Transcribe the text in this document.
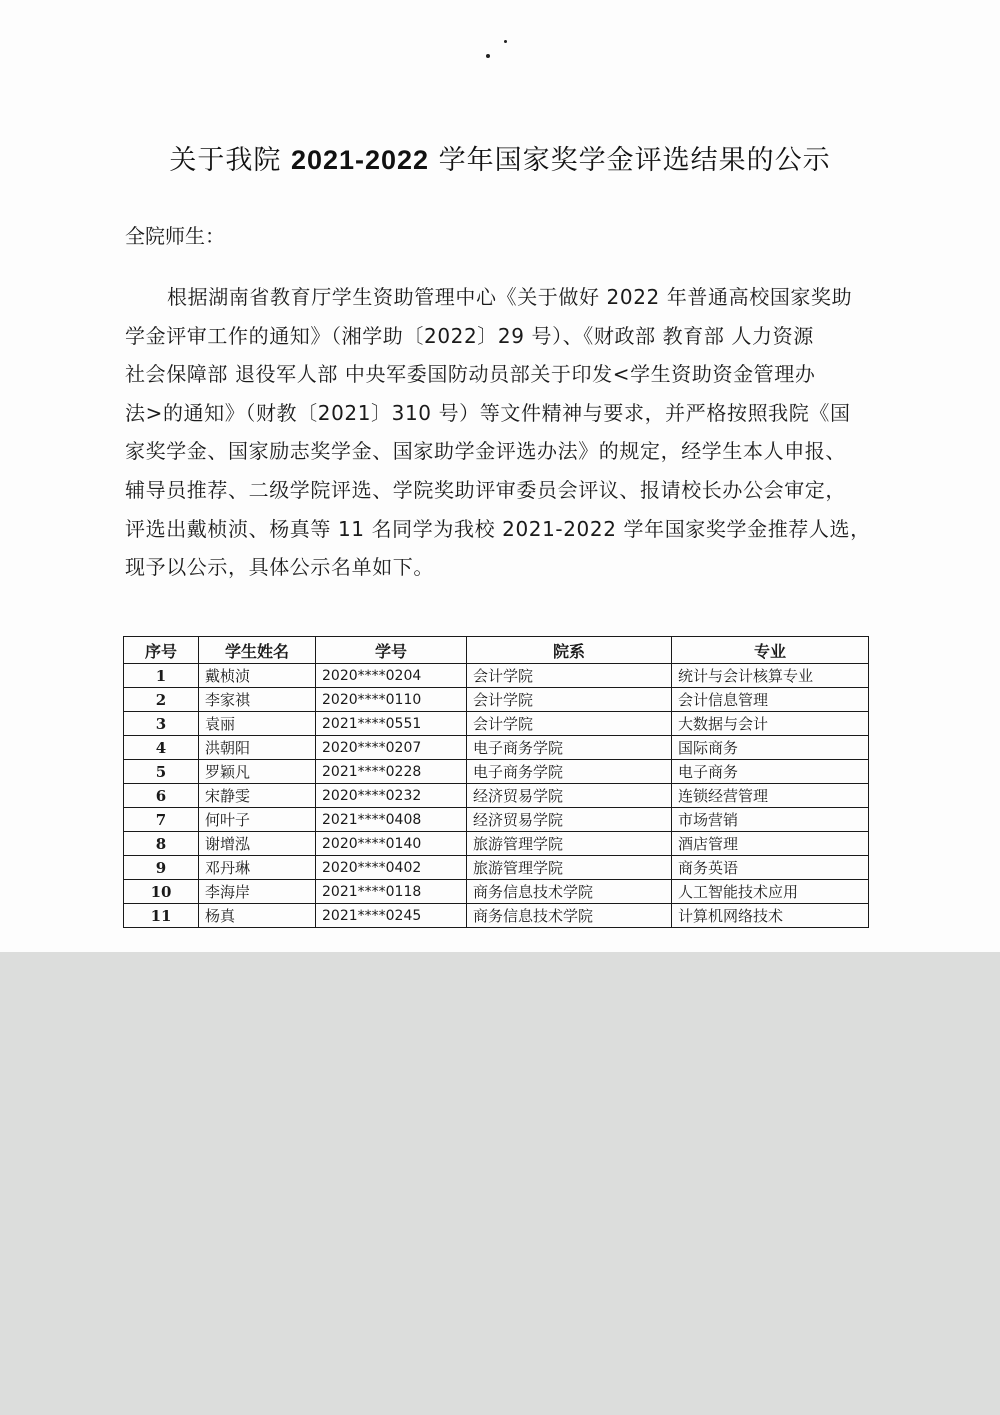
关于我院 2021-2022 学年国家奖学金评选结果的公示
全院师生：
根据湖南省教育厅学生资助管理中心《关于做好 2022 年普通高校国家奖助
学金评审工作的通知》（湘学助〔2022〕29 号）、《财政部 教育部 人力资源
社会保障部 退役军人部 中央军委国防动员部关于印发<学生资助资金管理办
法>的通知》（财教〔2021〕310 号）等文件精神与要求，并严格按照我院《国
家奖学金、国家励志奖学金、国家助学金评选办法》的规定，经学生本人申报、
辅导员推荐、二级学院评选、学院奖助评审委员会评议、报请校长办公会审定，
评选出戴桢浈、杨真等 11 名同学为我校 2021-2022 学年国家奖学金推荐人选，
现予以公示，具体公示名单如下。
序号	学生姓名	学号	院系	专业
1	戴桢浈	2020****0204	会计学院	统计与会计核算专业
2	李家祺	2020****0110	会计学院	会计信息管理
3	袁丽	2021****0551	会计学院	大数据与会计
4	洪朝阳	2020****0207	电子商务学院	国际商务
5	罗颖凡	2021****0228	电子商务学院	电子商务
6	宋静雯	2020****0232	经济贸易学院	连锁经营管理
7	何叶子	2021****0408	经济贸易学院	市场营销
8	谢增泓	2020****0140	旅游管理学院	酒店管理
9	邓丹琳	2020****0402	旅游管理学院	商务英语
10	李海岸	2021****0118	商务信息技术学院	人工智能技术应用
11	杨真	2021****0245	商务信息技术学院	计算机网络技术
